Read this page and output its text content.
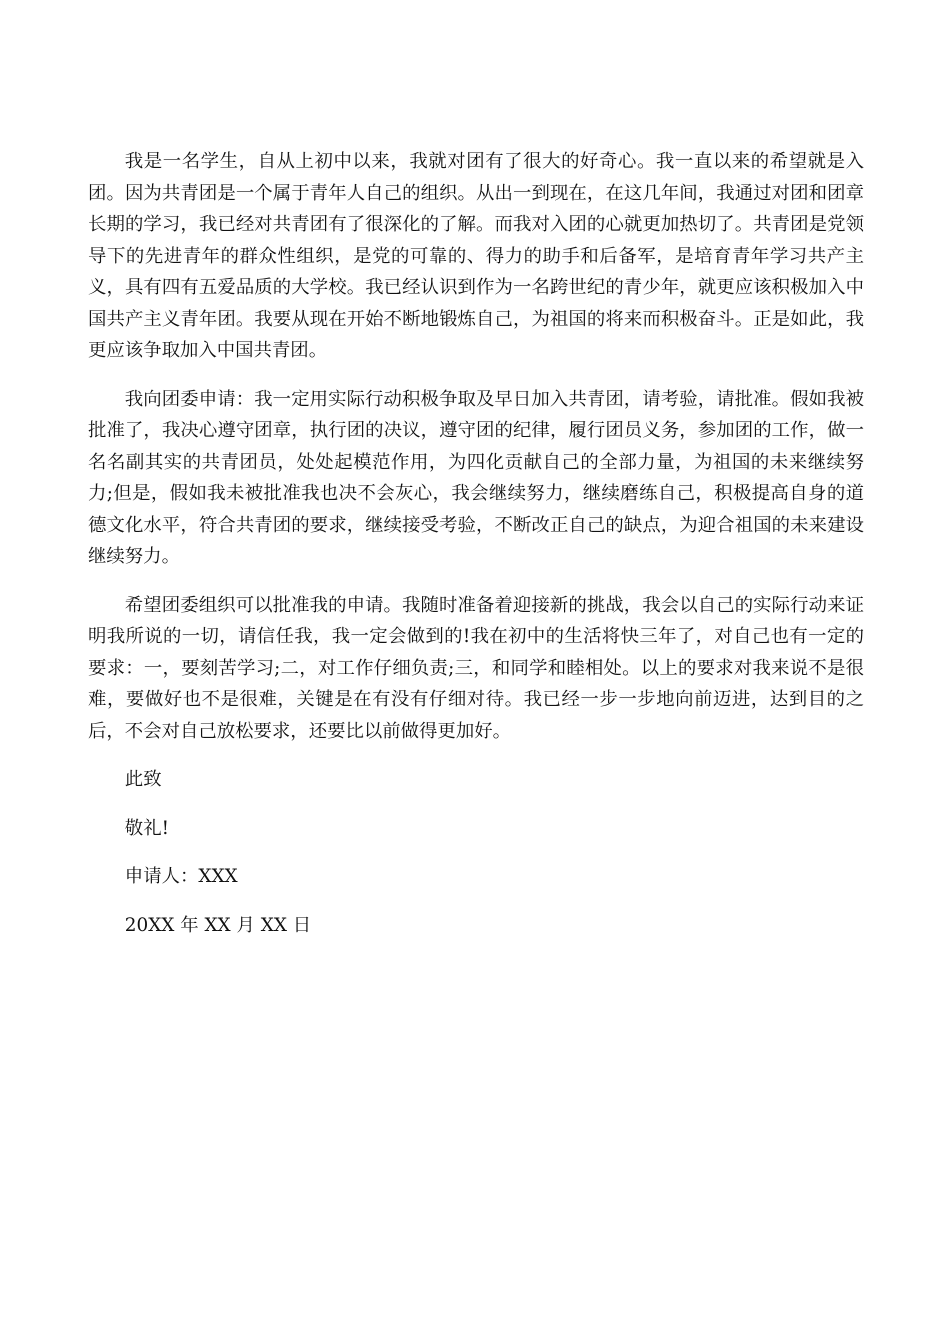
我是一名学生，自从上初中以来，我就对团有了很大的好奇心。我一直以来的希望就是入团。因为共青团是一个属于青年人自己的组织。从出一到现在，在这几年间，我通过对团和团章长期的学习，我已经对共青团有了很深化的了解。而我对入团的心就更加热切了。共青团是党领导下的先进青年的群众性组织，是党的可靠的、得力的助手和后备军，是培育青年学习共产主义，具有四有五爱品质的大学校。我已经认识到作为一名跨世纪的青少年，就更应该积极加入中国共产主义青年团。我要从现在开始不断地锻炼自己，为祖国的将来而积极奋斗。正是如此，我更应该争取加入中国共青团。

我向团委申请：我一定用实际行动积极争取及早日加入共青团，请考验，请批准。假如我被批准了，我决心遵守团章，执行团的决议，遵守团的纪律，履行团员义务，参加团的工作，做一名名副其实的共青团员，处处起模范作用，为四化贡献自己的全部力量，为祖国的未来继续努力;但是，假如我未被批准我也决不会灰心，我会继续努力，继续磨练自己，积极提高自身的道德文化水平，符合共青团的要求，继续接受考验，不断改正自己的缺点，为迎合祖国的未来建设继续努力。

希望团委组织可以批准我的申请。我随时准备着迎接新的挑战，我会以自己的实际行动来证明我所说的一切，请信任我，我一定会做到的!我在初中的生活将快三年了，对自己也有一定的要求：一，要刻苦学习;二，对工作仔细负责;三，和同学和睦相处。以上的要求对我来说不是很难，要做好也不是很难，关键是在有没有仔细对待。我已经一步一步地向前迈进，达到目的之后，不会对自己放松要求，还要比以前做得更加好。

此致

敬礼!

申请人：XXX

20XX 年 XX 月 XX 日
